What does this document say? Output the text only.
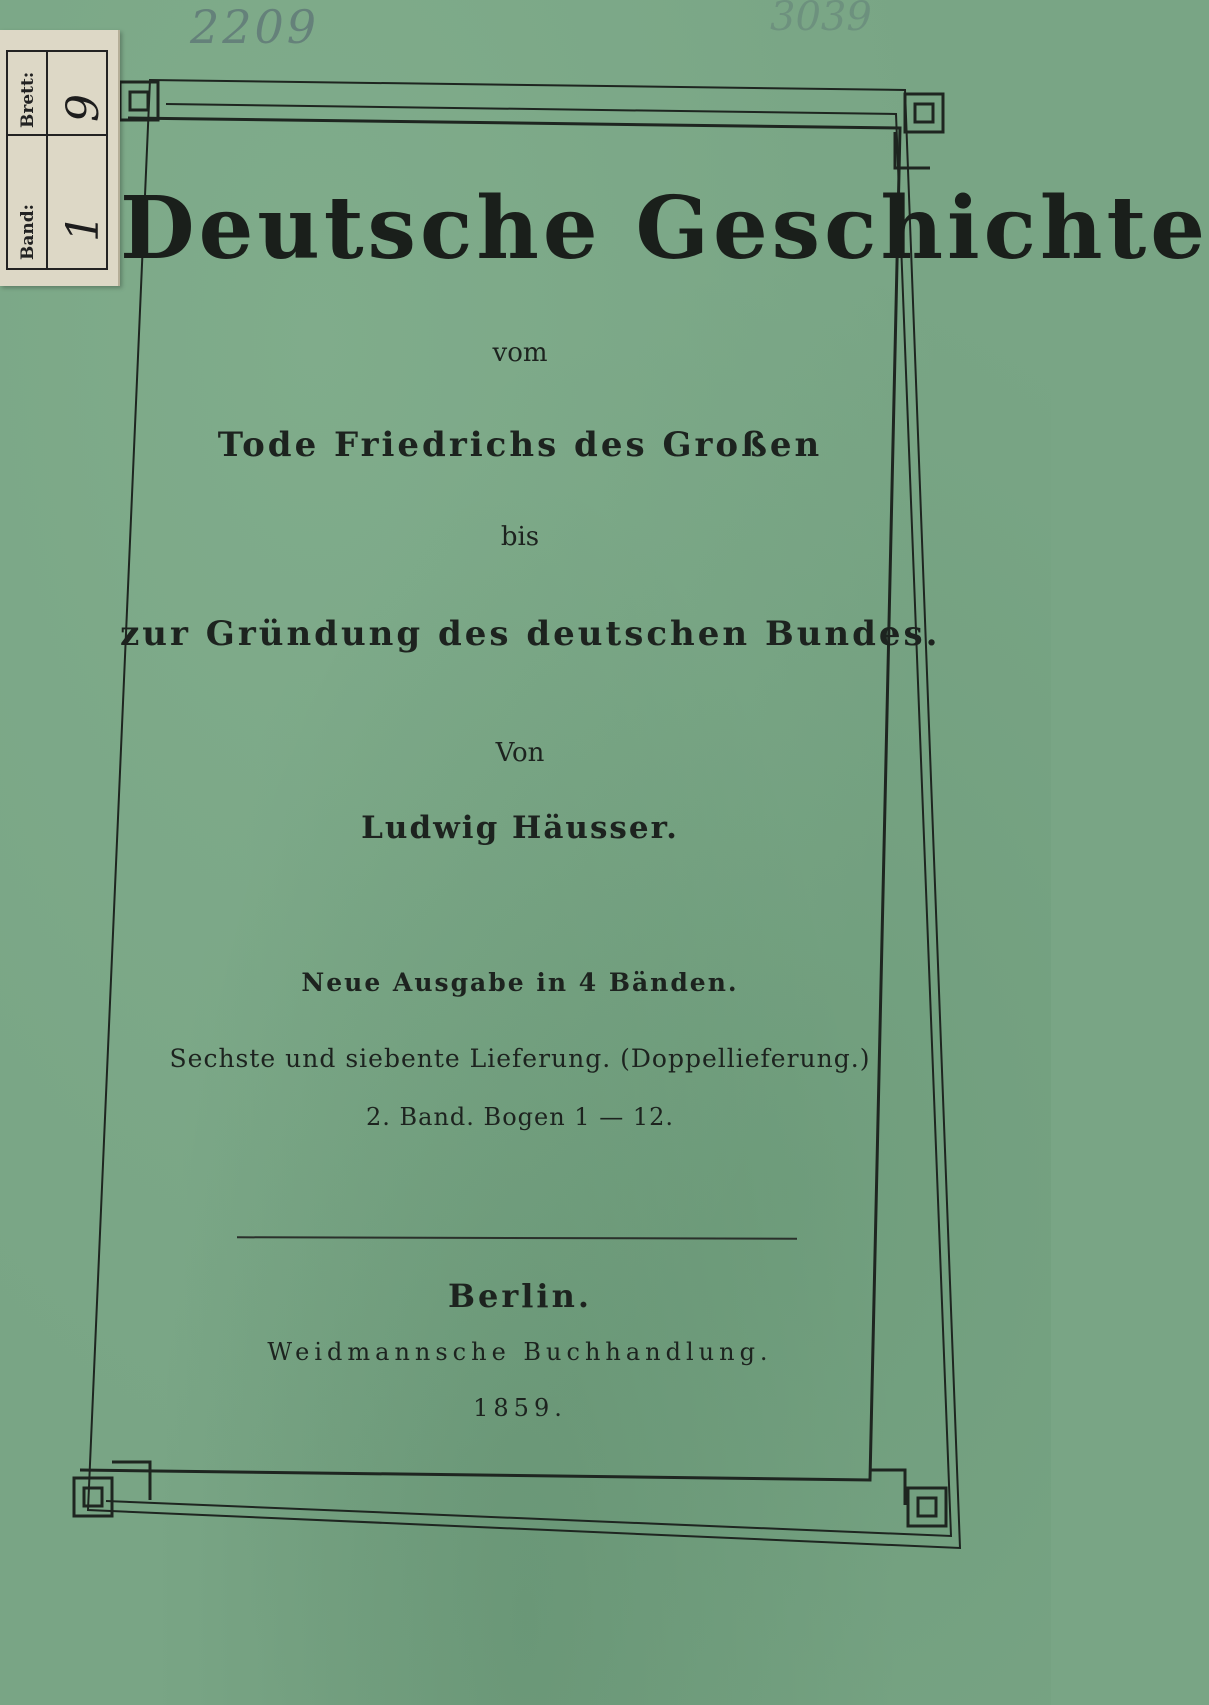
2209	3039
Brett: 9
Band: 1 Deutsche Geschichte
vom
Tode Friedrichs des Großen
bis
zur Gründung des deutschen Bundes.
Von
Ludwig Häusser.
Neue Ausgabe in 4 Bänden.
Sechste und siebente Lieferung. (Doppellieferung.)
2. Band. Bogen 1 — 12.
Berlin.
Weidmannsche Buchhandlung.
1859.
